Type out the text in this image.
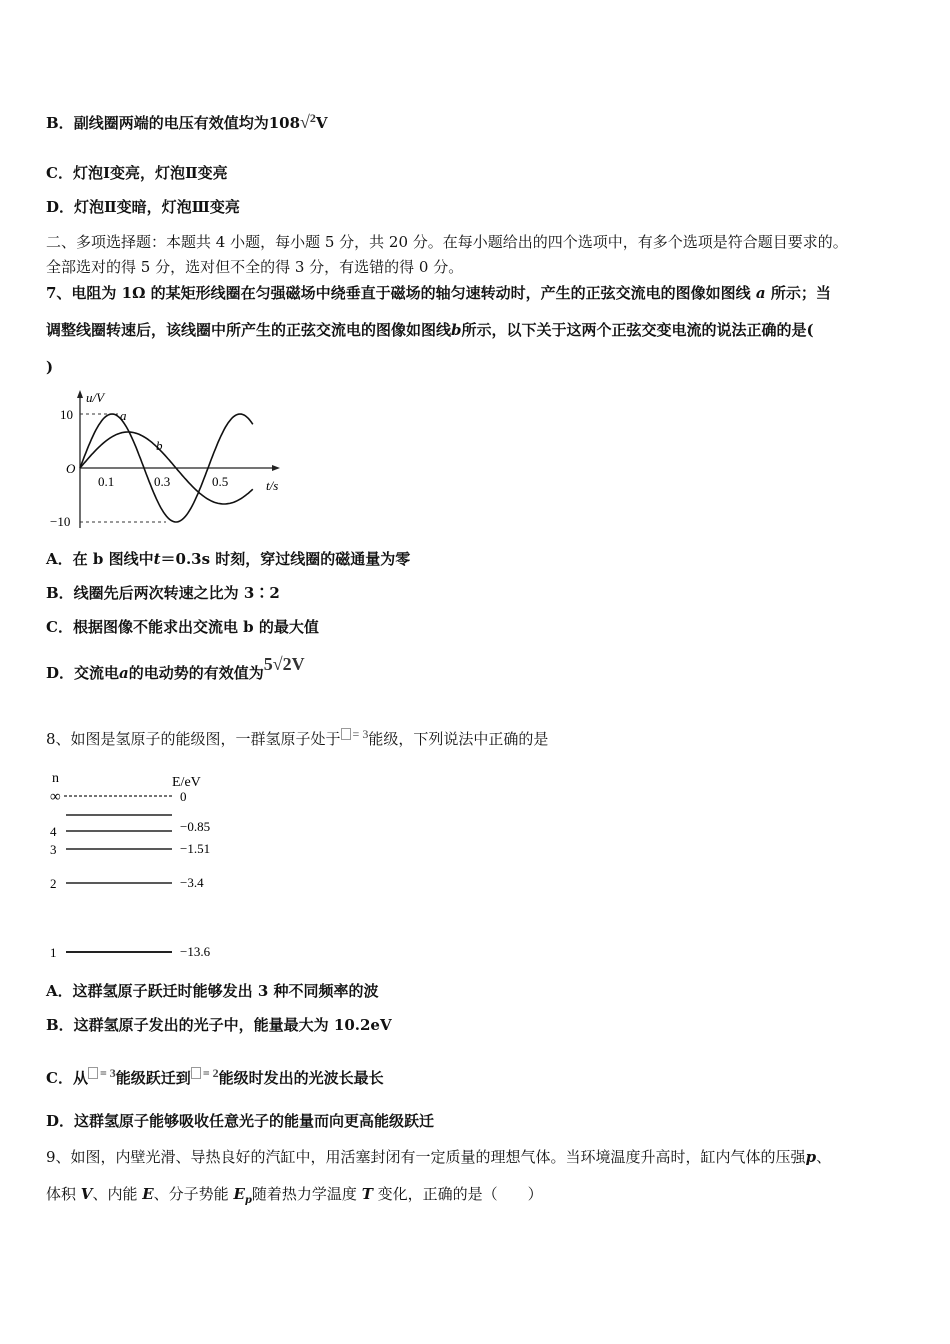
B．副线圈两端的电压有效值均为108√$^2$V
C．灯泡Ⅰ变亮，灯泡Ⅱ变亮
D．灯泡Ⅱ变暗，灯泡Ⅲ变亮
二、多项选择题：本题共 4 小题，每小题 5 分，共 20 分。在每小题给出的四个选项中，有多个选项是符合题目要求的。
全部选对的得 5 分，选对但不全的得 3 分，有选错的得 0 分。
7、电阻为 1Ω 的某矩形线圈在匀强磁场中绕垂直于磁场的轴匀速转动时，产生的正弦交流电的图像如图线 a 所示；当
调整线圈转速后，该线圈中所产生的正弦交流电的图像如图线b所示，以下关于这两个正弦交变电流的说法正确的是(
)
u/V
10
−10
O
0.1	0.3	0.5	t/s
a
b
A．在 b 图线中t＝0.3s 时刻，穿过线圈的磁通量为零
B．线圈先后两次转速之比为 3∶2
C．根据图像不能求出交流电 b 的最大值
D．交流电a的电动势的有效值为5√2V
8、如图是氢原子的能级图，一群氢原子处于 $^{= 3}$能级，下列说法中正确的是
n	E/eV
∞	0
4	−0.85
3	−1.51
2	−3.4
1	−13.6
A．这群氢原子跃迁时能够发出 3 种不同频率的波
B．这群氢原子发出的光子中，能量最大为 10.2eV
C．从 $^{= 3}$能级跃迁到 $^{= 2}$能级时发出的光波长最长
D．这群氢原子能够吸收任意光子的能量而向更高能级跃迁
9、如图，内壁光滑、导热良好的汽缸中，用活塞封闭有一定质量的理想气体。当环境温度升高时，缸内气体的压强p、
体积 V、内能 E、分子势能 $E_p$随着热力学温度 T 变化，正确的是（　　）
